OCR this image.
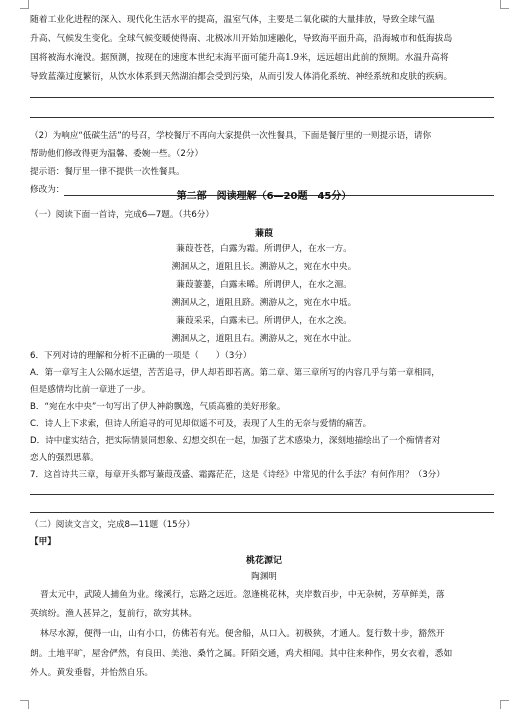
随着工业化进程的深入、现代化生活水平的提高，温室气体，主要是二氧化碳的大量排放，导致全球气温
升高、气候发生变化。全球气候变暖使得南、北极冰川开始加速融化，导致海平面升高，沿海城市和低海拔岛
国将被海水淹没。据预测，按现在的速度本世纪末海平面可能升高1.9米，远远超出此前的预期。水温升高将
导致蓝藻过度繁衍，从饮水体系到天然湖泊都会受到污染，从而引发人体消化系统、神经系统和皮肤的疾病。
（2）为响应“低碳生活”的号召，学校餐厅不再向大家提供一次性餐具，下面是餐厅里的一则提示语，请你
帮助他们修改得更为温馨、委婉一些。（2分）
提示语：餐厅里一律不提供一次性餐具。
修改为：
第二部　阅读理解（6—20题　45分）
（一）阅读下面一首诗，完成6—7题。（共6分）
蒹葭
蒹葭苍苍，白露为霜。所谓伊人，在水一方。
溯洄从之，道阻且长。溯游从之，宛在水中央。
蒹葭萋萋，白露未晞。所谓伊人，在水之湄。
溯洄从之，道阻且跻。溯游从之，宛在水中坻。
蒹葭采采，白露未已。所谓伊人，在水之涘。
溯洄从之，道阻且右。溯游从之，宛在水中沚。
6．下列对诗的理解和分析不正确的一项是（　　）（3分）
A．第一章写主人公隔水远望，苦苦追寻，伊人却若即若离。第二章、第三章所写的内容几乎与第一章相同，
但是感情均比前一章进了一步。
B．“宛在水中央”一句写出了伊人神韵飘逸，气质高雅的美好形象。
C．诗人上下求索，但诗人所追寻的可见却似遥不可及，表现了人生的无奈与爱情的痛苦。
D．诗中虚实结合，把实际情景同想象、幻想交织在一起，加强了艺术感染力，深刻地描绘出了一个痴情者对
恋人的强烈思慕。
7．这首诗共三章，每章开头都写蒹葭茂盛、霜露茫茫，这是《诗经》中常见的什么手法？有何作用？（3分）
（二）阅读文言文，完成8—11题（15分）
【甲】
桃花源记
陶渊明
晋太元中，武陵人捕鱼为业。缘溪行，忘路之远近。忽逢桃花林，夹岸数百步，中无杂树，芳草鲜美，落
英缤纷。渔人甚异之，复前行，欲穷其林。
林尽水源，便得一山，山有小口，仿佛若有光。便舍船，从口入。初极狭，才通人。复行数十步，豁然开
朗。土地平旷，屋舍俨然，有良田、美池、桑竹之属。阡陌交通，鸡犬相闻。其中往来种作，男女衣着，悉如
外人。黄发垂髫，并怡然自乐。
